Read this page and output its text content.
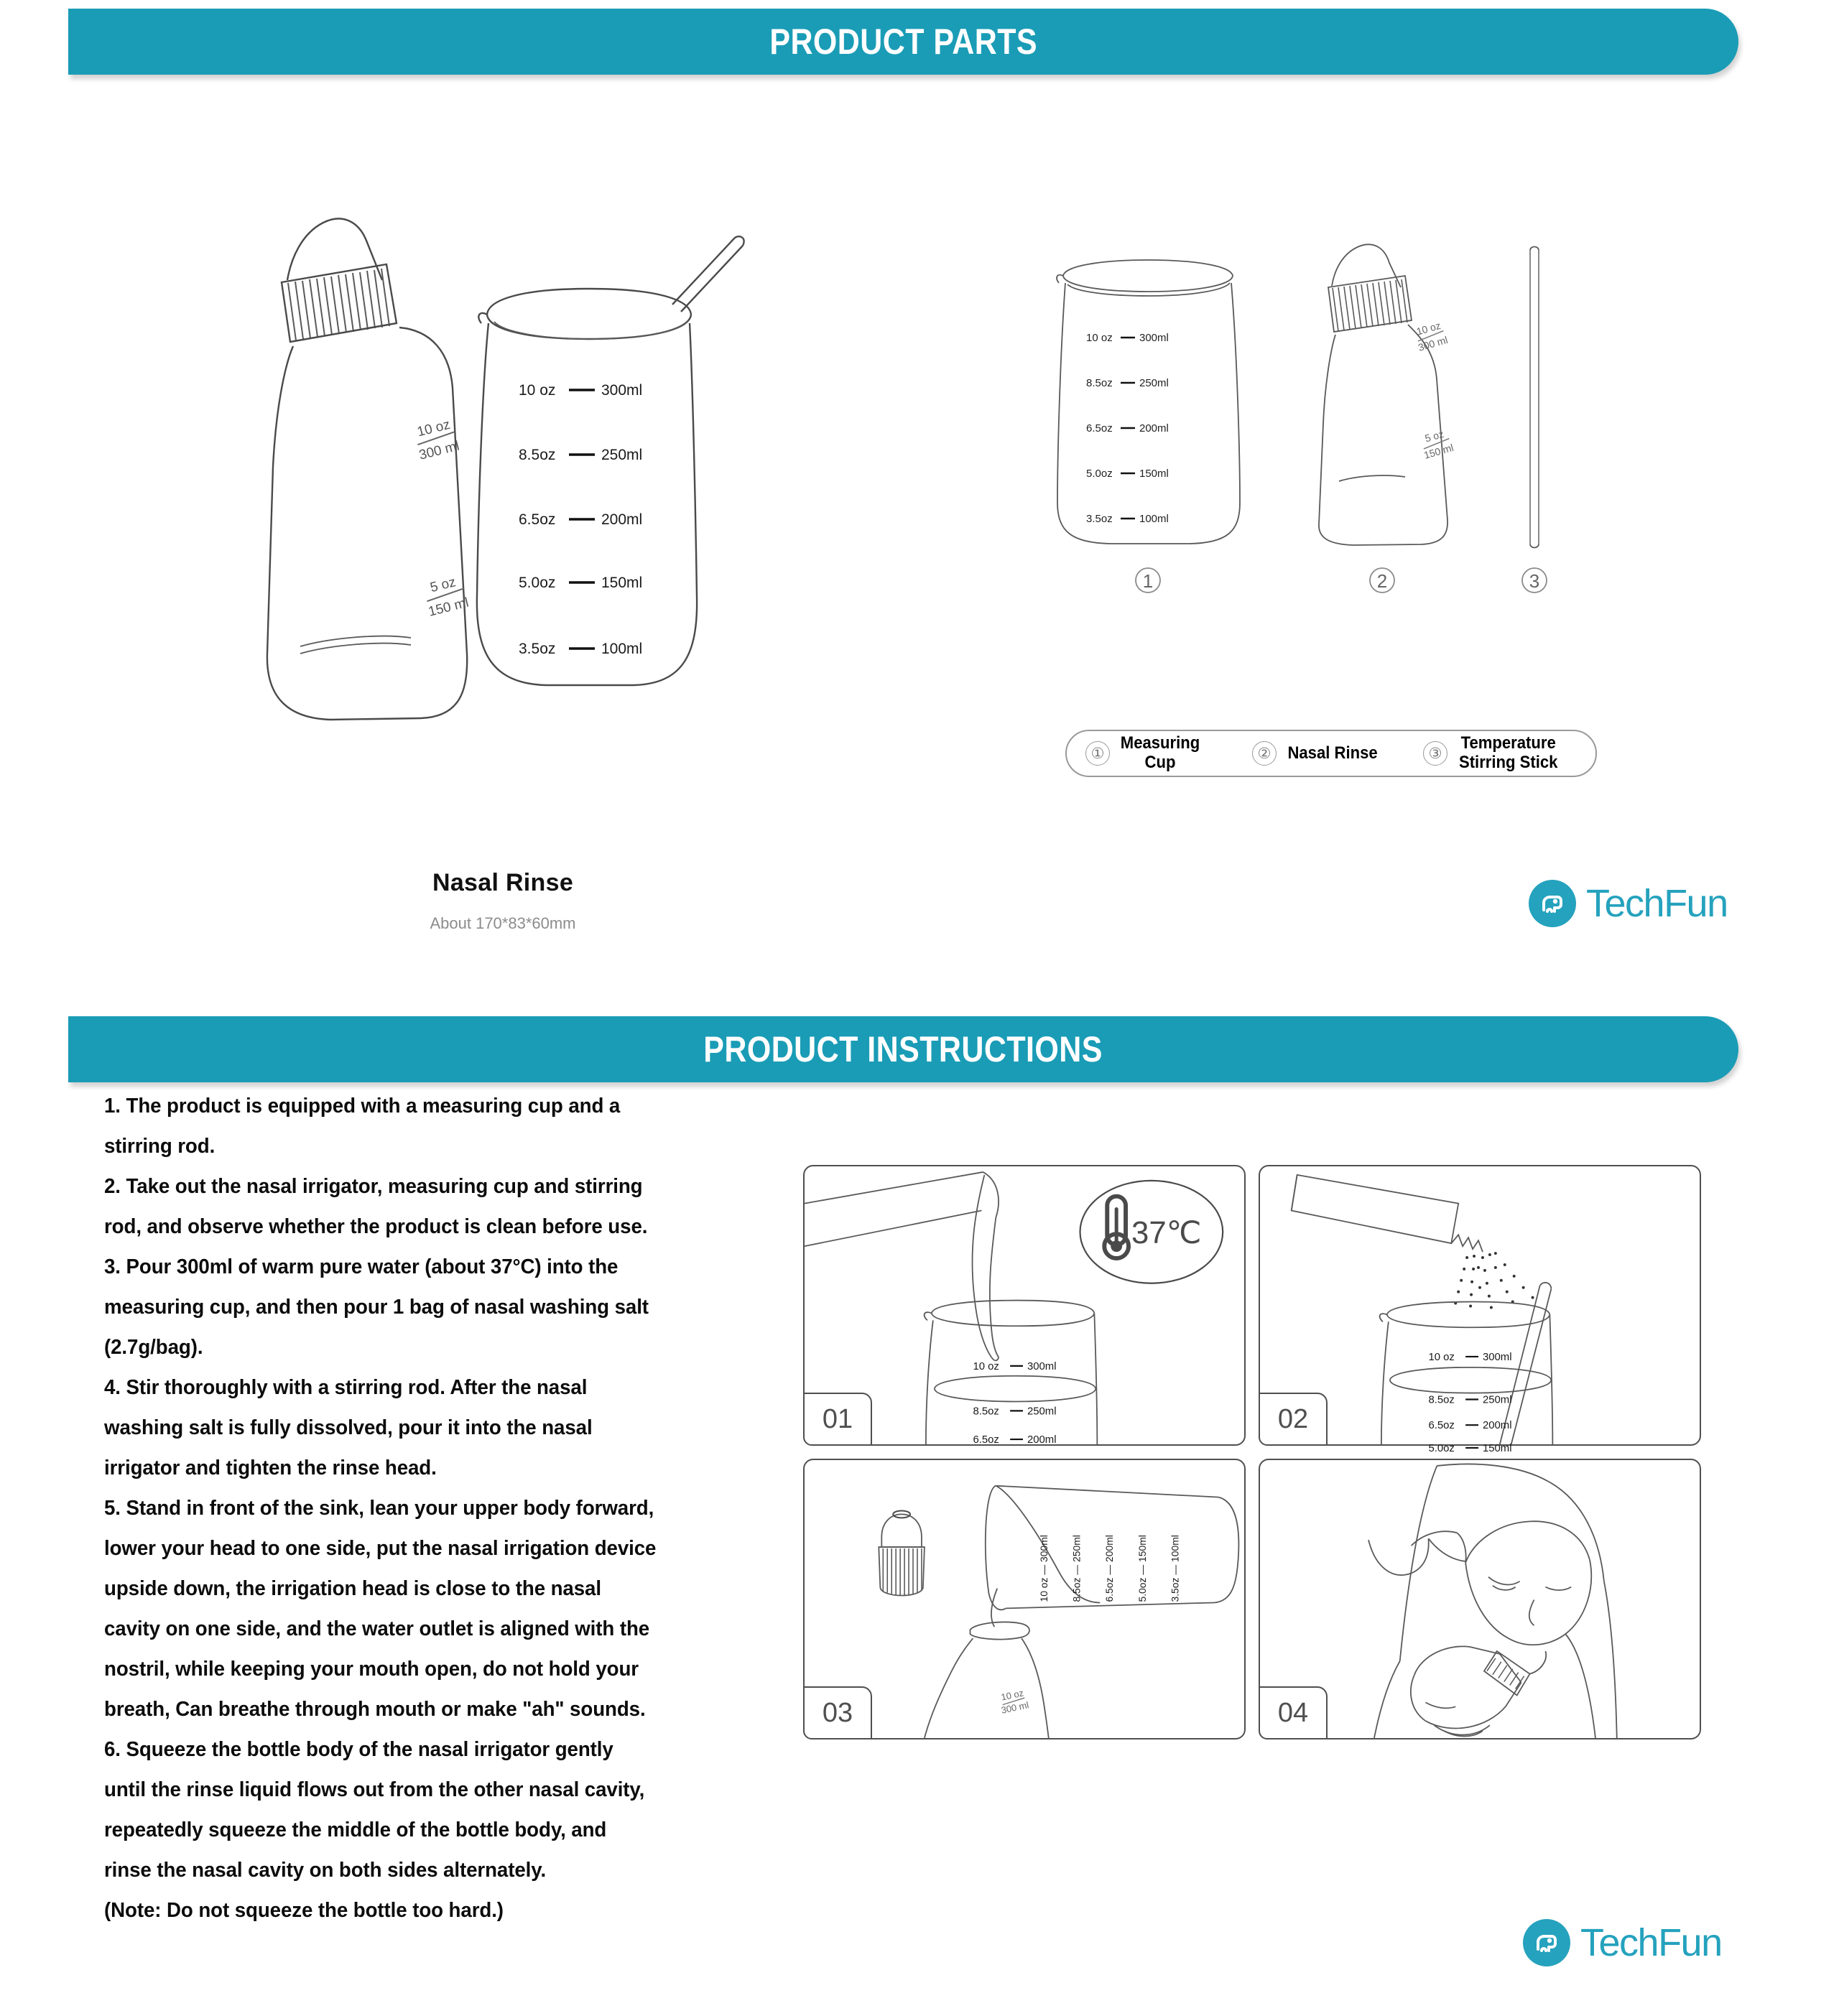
PRODUCT PARTS
10 oz
300 ml
5 oz
150 ml
10 oz	300ml
8.5oz	250ml
6.5oz	200ml
5.0oz	150ml
3.5oz	100ml
Nasal Rinse
About 170*83*60mm
10 oz 300ml
8.5oz 250ml
6.5oz 200ml
5.0oz 150ml
3.5oz 100ml
1
10 oz
300 ml
5 oz
150 ml
2	3
①
Measuring
Cup	② Nasal Rinse	③
Temperature
Stirring Stick
TechFun
PRODUCT INSTRUCTIONS
1. The product is equipped with a measuring cup and a
stirring rod.
2. Take out the nasal irrigator, measuring cup and stirring
rod, and observe whether the product is clean before use.
3. Pour 300ml of warm pure water (about 37°C) into the
measuring cup, and then pour 1 bag of nasal washing salt
(2.7g/bag).
4. Stir thoroughly with a stirring rod. After the nasal
washing salt is fully dissolved, pour it into the nasal
irrigator and tighten the rinse head.
5. Stand in front of the sink, lean your upper body forward,
lower your head to one side, put the nasal irrigation device
upside down, the irrigation head is close to the nasal
cavity on one side, and the water outlet is aligned with the
nostril, while keeping your mouth open, do not hold your
breath, Can breathe through mouth or make "ah" sounds.
6. Squeeze the bottle body of the nasal irrigator gently
until the rinse liquid flows out from the other nasal cavity,
repeatedly squeeze the middle of the bottle body, and
rinse the nasal cavity on both sides alternately.
(Note: Do not squeeze the bottle too hard.)
10 oz	300ml
8.5oz	250ml
6.5oz	200ml
37℃
01
10 oz	300ml
8.5oz	250ml
6.5oz	200ml
5.0oz	150ml
02
10 oz — 300ml 8.5oz — 250ml 6.5oz — 200ml 5.0oz — 150ml 3.5oz — 100ml
10 oz
300 ml
03	04
TechFun
